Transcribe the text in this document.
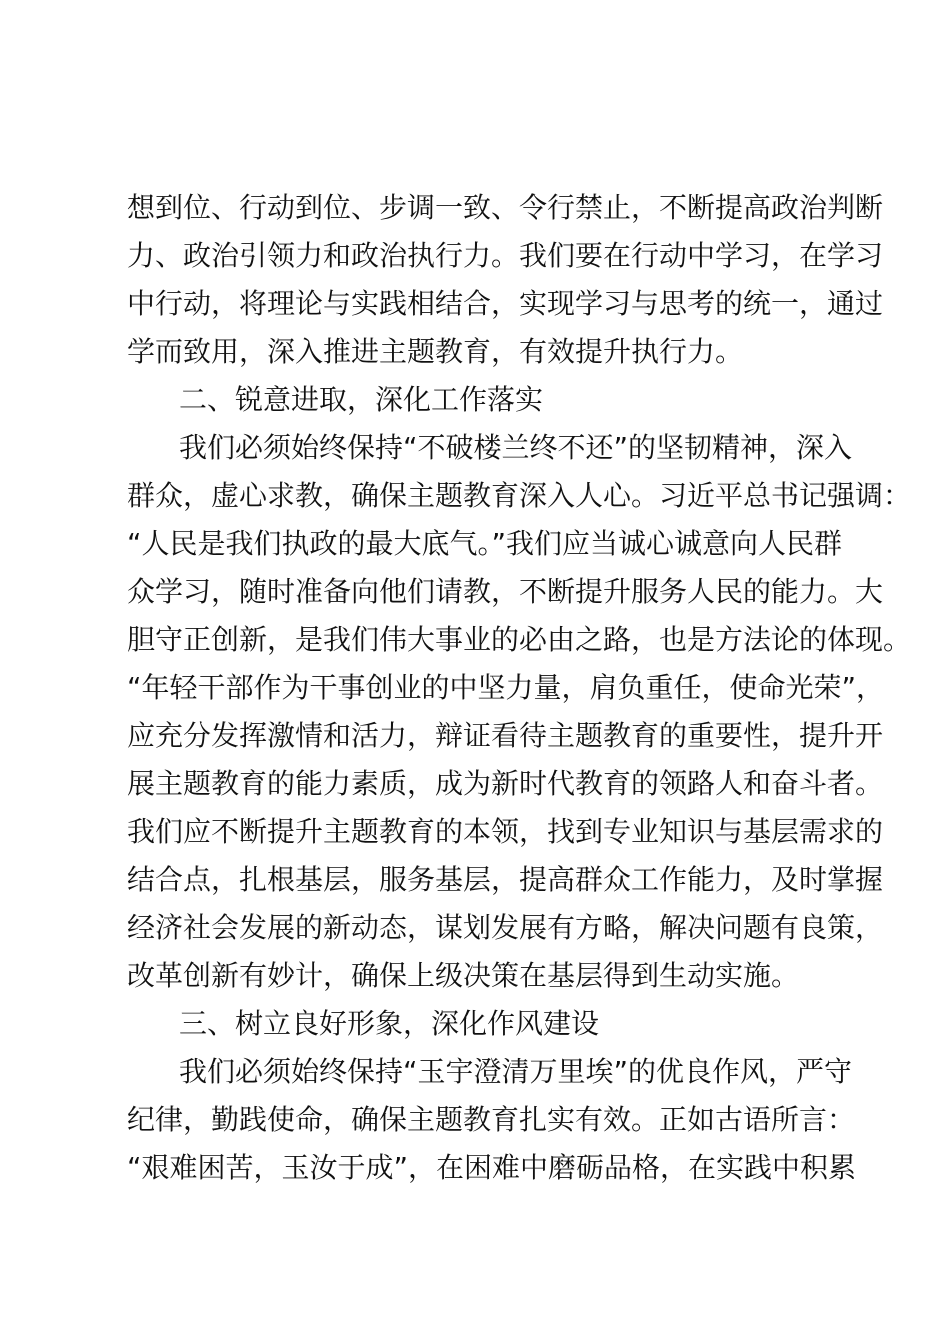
想到位、行动到位、步调一致、令行禁止，不断提高政治判断
力、政治引领力和政治执行力。我们要在行动中学习，在学习
中行动，将理论与实践相结合，实现学习与思考的统一，通过
学而致用，深入推进主题教育，有效提升执行力。
二、锐意进取，深化工作落实
我们必须始终保持“不破楼兰终不还”的坚韧精神，深入
群众，虚心求教，确保主题教育深入人心。习近平总书记强调：
“人民是我们执政的最大底气。”我们应当诚心诚意向人民群
众学习，随时准备向他们请教，不断提升服务人民的能力。大
胆守正创新，是我们伟大事业的必由之路，也是方法论的体现。
“年轻干部作为干事创业的中坚力量，肩负重任，使命光荣”，
应充分发挥激情和活力，辩证看待主题教育的重要性，提升开
展主题教育的能力素质，成为新时代教育的领路人和奋斗者。
我们应不断提升主题教育的本领，找到专业知识与基层需求的
结合点，扎根基层，服务基层，提高群众工作能力，及时掌握
经济社会发展的新动态，谋划发展有方略，解决问题有良策，
改革创新有妙计，确保上级决策在基层得到生动实施。
三、树立良好形象，深化作风建设
我们必须始终保持“玉宇澄清万里埃”的优良作风，严守
纪律，勤践使命，确保主题教育扎实有效。正如古语所言：
“艰难困苦，玉汝于成”，在困难中磨砺品格，在实践中积累
